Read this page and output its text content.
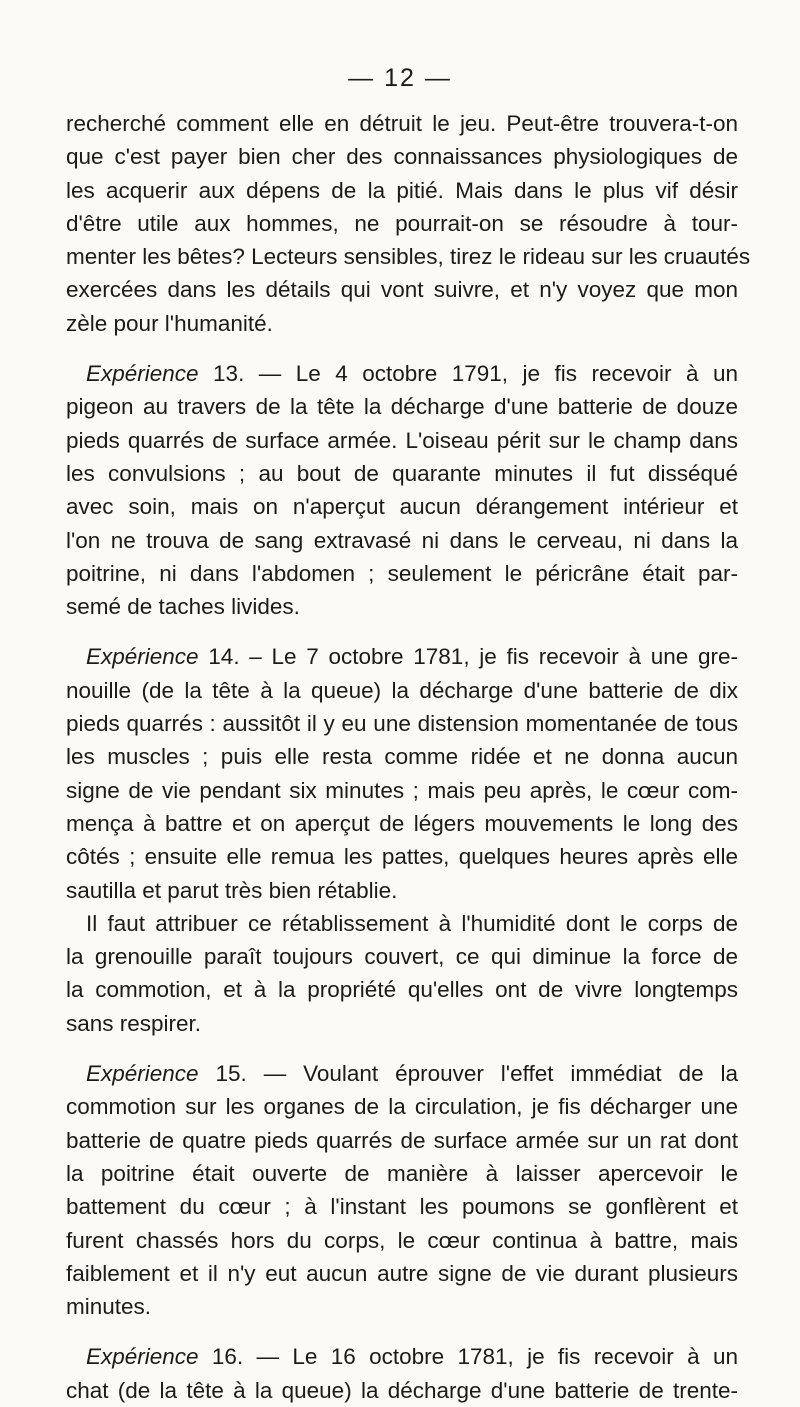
— 12 —
recherché comment elle en détruit le jeu. Peut-être trouvera-t-on
que c'est payer bien cher des connaissances physiologiques de
les acquerir aux dépens de la pitié. Mais dans le plus vif désir
d'être utile aux hommes, ne pourrait-on se résoudre à tour-
menter les bêtes? Lecteurs sensibles, tirez le rideau sur les cruautés
exercées dans les détails qui vont suivre, et n'y voyez que mon
zèle pour l'humanité.
Expérience 13. — Le 4 octobre 1791, je fis recevoir à un
pigeon au travers de la tête la décharge d'une batterie de douze
pieds quarrés de surface armée. L'oiseau périt sur le champ dans
les convulsions ; au bout de quarante minutes il fut disséqué
avec soin, mais on n'aperçut aucun dérangement intérieur et
l'on ne trouva de sang extravasé ni dans le cerveau, ni dans la
poitrine, ni dans l'abdomen ; seulement le péricrâne était par-
semé de taches livides.
Expérience 14. – Le 7 octobre 1781, je fis recevoir à une gre-
nouille (de la tête à la queue) la décharge d'une batterie de dix
pieds quarrés : aussitôt il y eu une distension momentanée de tous
les muscles ; puis elle resta comme ridée et ne donna aucun
signe de vie pendant six minutes ; mais peu après, le cœur com-
mença à battre et on aperçut de légers mouvements le long des
côtés ; ensuite elle remua les pattes, quelques heures après elle
sautilla et parut très bien rétablie.
Il faut attribuer ce rétablissement à l'humidité dont le corps de
la grenouille paraît toujours couvert, ce qui diminue la force de
la commotion, et à la propriété qu'elles ont de vivre longtemps
sans respirer.
Expérience 15. — Voulant éprouver l'effet immédiat de la
commotion sur les organes de la circulation, je fis décharger une
batterie de quatre pieds quarrés de surface armée sur un rat dont
la poitrine était ouverte de manière à laisser apercevoir le
battement du cœur ; à l'instant les poumons se gonflèrent et
furent chassés hors du corps, le cœur continua à battre, mais
faiblement et il n'y eut aucun autre signe de vie durant plusieurs
minutes.
Expérience 16. — Le 16 octobre 1781, je fis recevoir à un
chat (de la tête à la queue) la décharge d'une batterie de trente-
